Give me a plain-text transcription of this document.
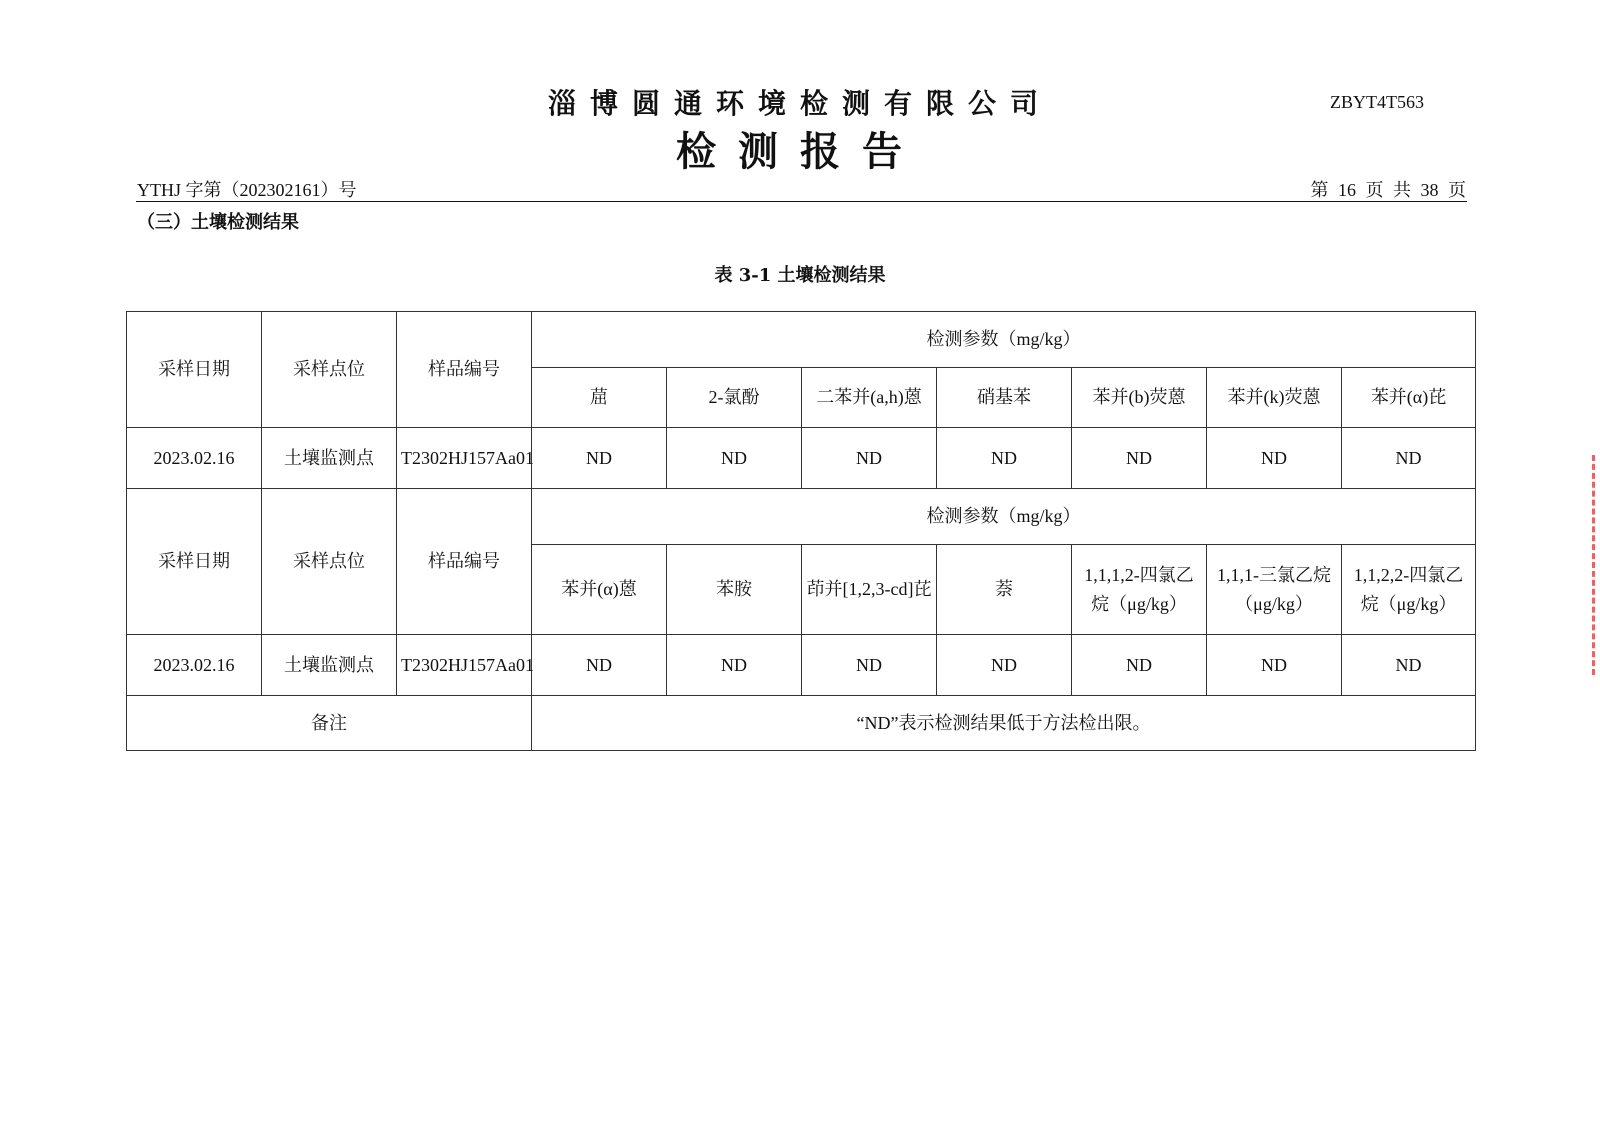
淄博圆通环境检测有限公司	ZBYT4T563
检测报告
YTHJ 字第（202302161）号	第 16 页 共 38 页
（三）土壤检测结果
表 3-1 土壤检测结果
采样日期	采样点位	样品编号	检测参数（mg/kg）						
			䓛	2-氯酚	二苯并(a,h)蒽	硝基苯	苯并(b)荧蒽	苯并(k)荧蒽	苯并(α)芘
2023.02.16	土壤监测点	T2302HJ157Aa01	ND	ND	ND	ND	ND	ND	ND
采样日期	采样点位	样品编号	检测参数（mg/kg）						
			苯并(α)蒽	苯胺	茚并[1,2,3-cd]芘	萘	1,1,1,2-四氯乙烷（μg/kg）	1,1,1-三氯乙烷（μg/kg）	1,1,2,2-四氯乙烷（μg/kg）
2023.02.16	土壤监测点	T2302HJ157Aa01	ND	ND	ND	ND	ND	ND	ND
备注			“ND”表示检测结果低于方法检出限。						
